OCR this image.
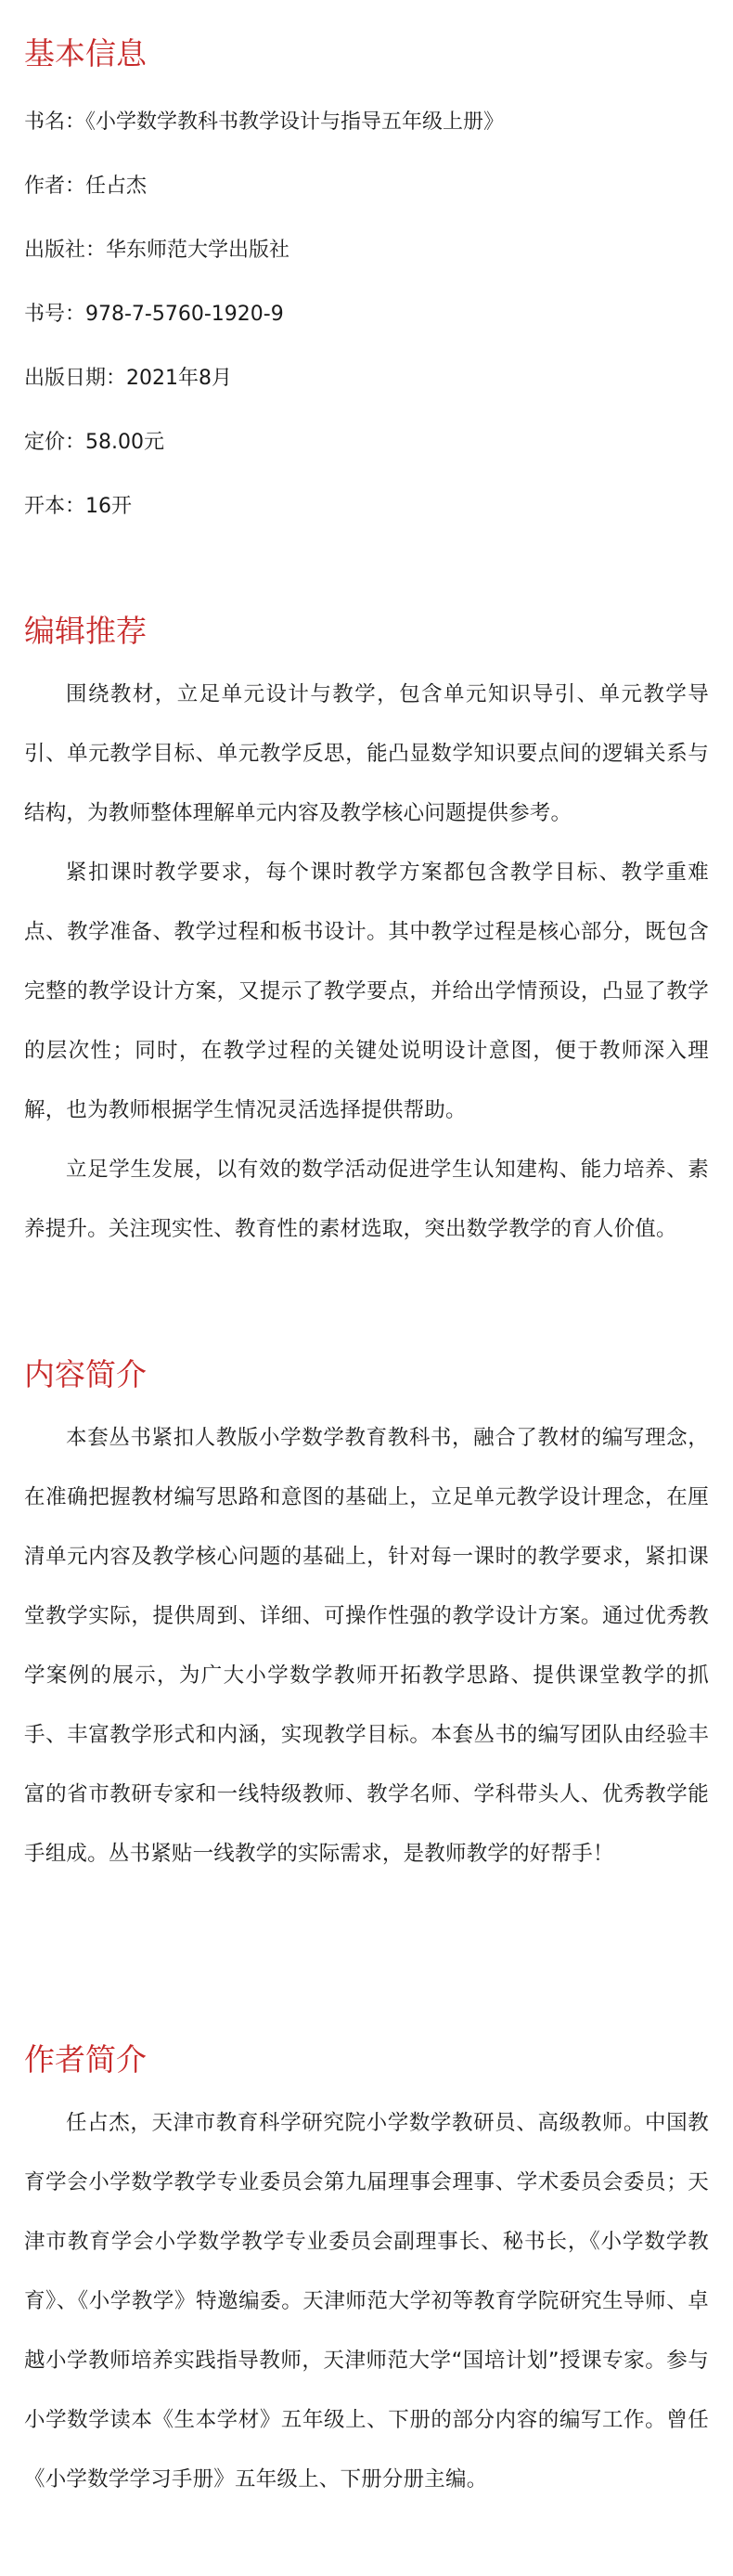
基本信息

书名：《小学数学教科书教学设计与指导五年级上册》

作者：任占杰

出版社：华东师范大学出版社

书号：978-7-5760-1920-9

出版日期：2021年8月

定价：58.00元

开本：16开

编辑推荐

围绕教材，立足单元设计与教学，包含单元知识导引、单元教学导引、单元教学目标、单元教学反思，能凸显数学知识要点间的逻辑关系与结构，为教师整体理解单元内容及教学核心问题提供参考。

紧扣课时教学要求，每个课时教学方案都包含教学目标、教学重难点、教学准备、教学过程和板书设计。其中教学过程是核心部分，既包含完整的教学设计方案，又提示了教学要点，并给出学情预设，凸显了教学的层次性；同时，在教学过程的关键处说明设计意图，便于教师深入理解，也为教师根据学生情况灵活选择提供帮助。

立足学生发展，以有效的数学活动促进学生认知建构、能力培养、素养提升。关注现实性、教育性的素材选取，突出数学教学的育人价值。

内容简介

本套丛书紧扣人教版小学数学教育教科书，融合了教材的编写理念，在准确把握教材编写思路和意图的基础上，立足单元教学设计理念，在厘清单元内容及教学核心问题的基础上，针对每一课时的教学要求，紧扣课堂教学实际，提供周到、详细、可操作性强的教学设计方案。通过优秀教学案例的展示，为广大小学数学教师开拓教学思路、提供课堂教学的抓手、丰富教学形式和内涵，实现教学目标。本套丛书的编写团队由经验丰富的省市教研专家和一线特级教师、教学名师、学科带头人、优秀教学能手组成。丛书紧贴一线教学的实际需求，是教师教学的好帮手！

作者简介

任占杰，天津市教育科学研究院小学数学教研员、高级教师。中国教育学会小学数学教学专业委员会第九届理事会理事、学术委员会委员；天津市教育学会小学数学教学专业委员会副理事长、秘书长，《小学数学教育》、《小学教学》特邀编委。天津师范大学初等教育学院研究生导师、卓越小学教师培养实践指导教师，天津师范大学“国培计划”授课专家。参与小学数学读本《生本学材》五年级上、下册的部分内容的编写工作。曾任《小学数学学习手册》五年级上、下册分册主编。
